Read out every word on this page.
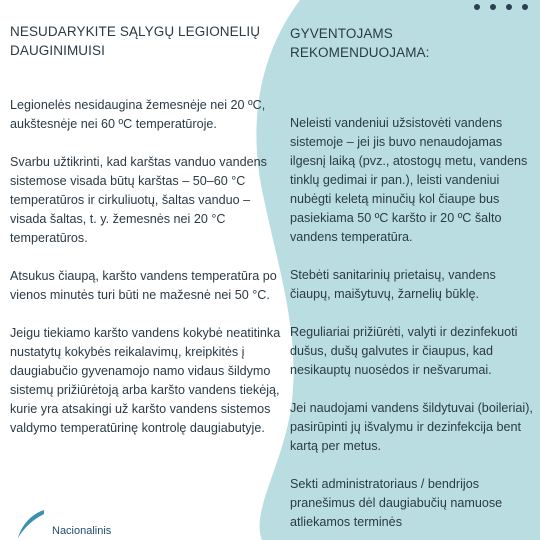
NESUDARYKITE SĄLYGŲ LEGIONELIŲ DAUGINIMUISI

Legionelės nesidaugina žemesnėje nei 20 ºC, aukštesnėje nei 60 ºC temperatūroje.

Svarbu užtikrinti, kad karštas vanduo vandens sistemose visada būtų karštas – 50–60 °C temperatūros ir cirkuliuotų, šaltas vanduo – visada šaltas, t. y. žemesnės nei 20 °C temperatūros.

Atsukus čiaupą, karšto vandens temperatūra po vienos minutės turi būti ne mažesnė nei 50 °C.

Jeigu tiekiamo karšto vandens kokybė neatitinka nustatytų kokybės reikalavimų, kreipkitės į daugiabučio gyvenamojo namo vidaus šildymo sistemų prižiūrėtoją arba karšto vandens tiekėją, kurie yra atsakingi už karšto vandens sistemos valdymo temperatūrinę kontrolę daugiabutyje.

GYVENTOJAMS REKOMENDUOJAMA:

Neleisti vandeniui užsistovėti vandens sistemoje – jei jis buvo nenaudojamas ilgesnį laiką (pvz., atostogų metu, vandens tinklų gedimai ir pan.), leisti vandeniui nubėgti keletą minučių kol čiaupe bus pasiekiama 50 ºC karšto ir 20 ºC šalto vandens temperatūra.

Stebėti sanitarinių prietaisų, vandens čiaupų, maišytuvų, žarnelių būklę.

Reguliariai prižiūrėti, valyti ir dezinfekuoti dušus, dušų galvutes ir čiaupus, kad nesikauptų nuosėdos ir nešvarumai.

Jei naudojami vandens šildytuvai (boileriai), pasirūpinti jų išvalymu ir dezinfekcija bent kartą per metus.

Sekti administratoriaus / bendrijos pranešimus dėl daugiabučių namuose atliekamos terminės

Nacionalinis
